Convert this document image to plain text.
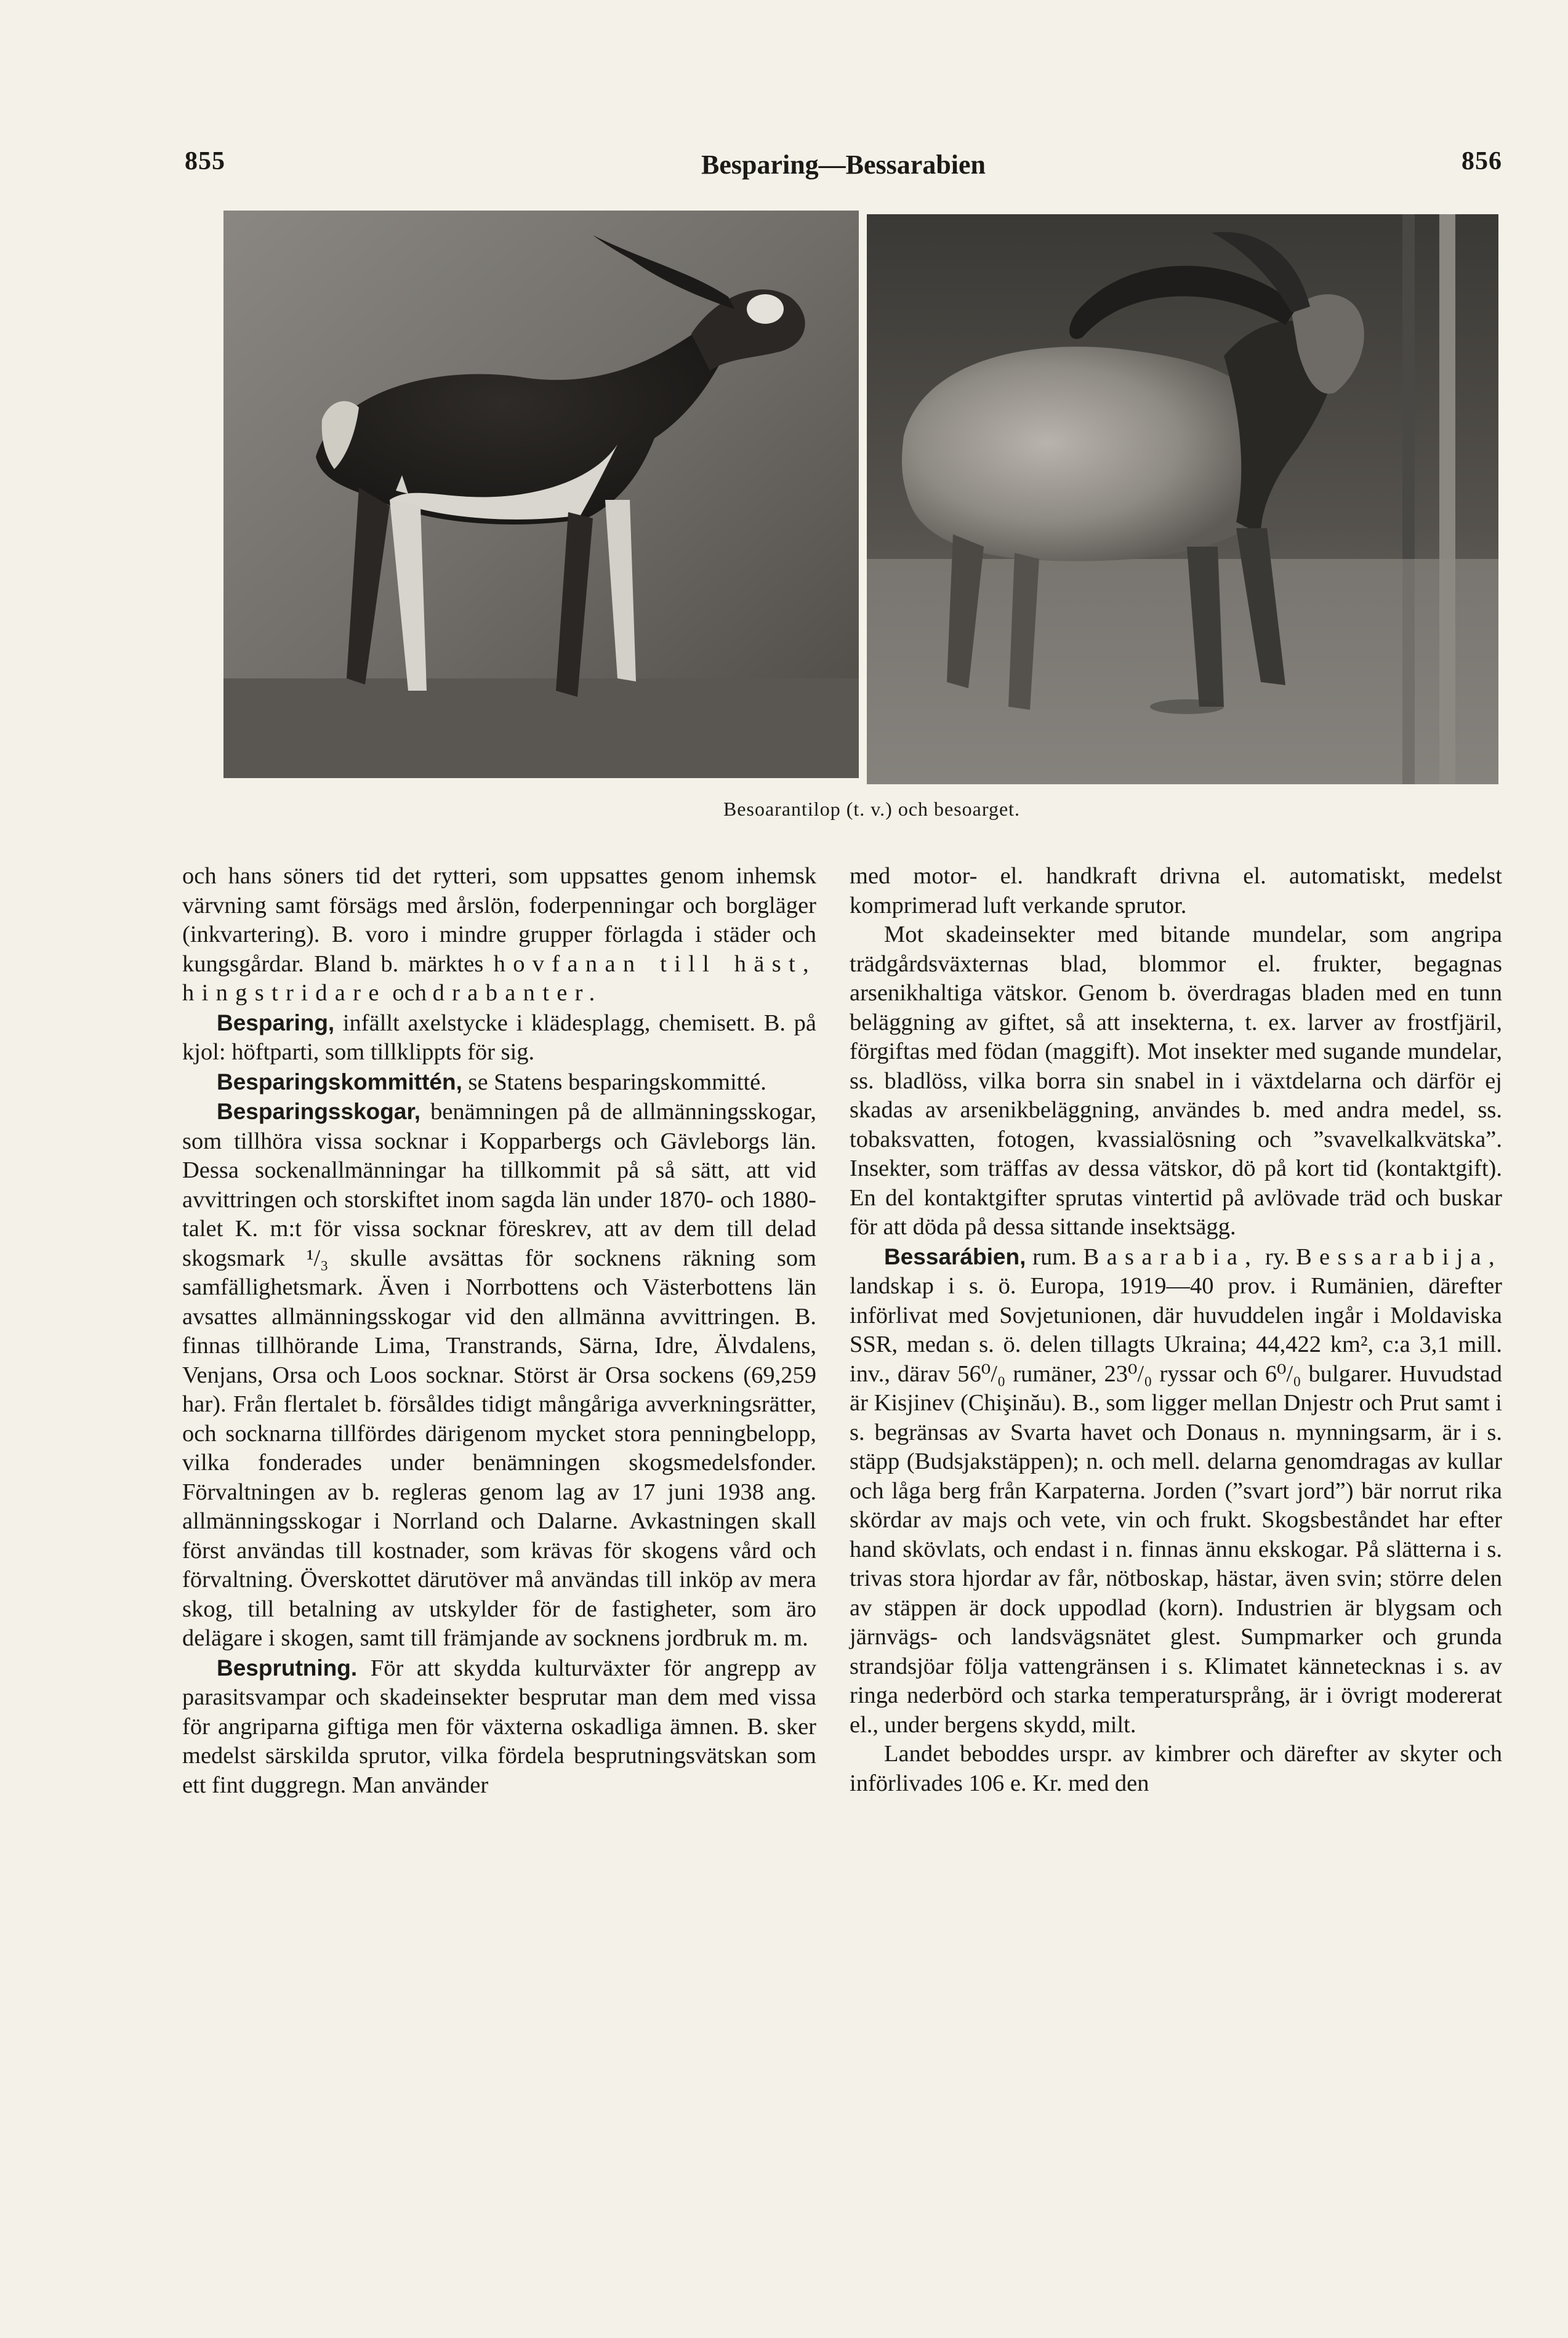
855	Besparing—Bessarabien	856
Besoarantilop (t. v.) och besoarget.

och hans söners tid det rytteri, som uppsattes genom inhemsk värvning samt försägs med årslön, foderpenningar och borgläger (inkvartering). B. voro i mindre grupper förlagda i städer och kungsgårdar. Bland b. märktes hovfanan till häst, hingstridare och drabanter.

Besparing, infällt axelstycke i klädesplagg, chemisett. B. på kjol: höftparti, som tillklippts för sig.

Besparingskommittén, se Statens besparingskommitté.

Besparingsskogar, benämningen på de allmänningsskogar, som tillhöra vissa socknar i Kopparbergs och Gävleborgs län. Dessa sockenallmänningar ha tillkommit på så sätt, att vid avvittringen och storskiftet inom sagda län under 1870- och 1880-talet K. m:t för vissa socknar föreskrev, att av dem till delad skogsmark ¹/₃ skulle avsättas för socknens räkning som samfällighetsmark. Även i Norrbottens och Västerbottens län avsattes allmänningsskogar vid den allmänna avvittringen. B. finnas tillhörande Lima, Transtrands, Särna, Idre, Älvdalens, Venjans, Orsa och Loos socknar. Störst är Orsa sockens (69,259 har). Från flertalet b. försåldes tidigt mångåriga avverkningsrätter, och socknarna tillfördes därigenom mycket stora penningbelopp, vilka fonderades under benämningen skogsmedelsfonder. Förvaltningen av b. regleras genom lag av 17 juni 1938 ang. allmänningsskogar i Norrland och Dalarne. Avkastningen skall först användas till kostnader, som krävas för skogens vård och förvaltning. Överskottet därutöver må användas till inköp av mera skog, till betalning av utskylder för de fastigheter, som äro delägare i skogen, samt till främjande av socknens jordbruk m. m.

Besprutning. För att skydda kulturväxter för angrepp av parasitsvampar och skadeinsekter besprutar man dem med vissa för angriparna giftiga men för växterna oskadliga ämnen. B. sker medelst särskilda sprutor, vilka fördela besprutningsvätskan som ett fint duggregn. Man använder

med motor- el. handkraft drivna el. automatiskt, medelst komprimerad luft verkande sprutor.

Mot skadeinsekter med bitande mundelar, som angripa trädgårdsväxternas blad, blommor el. frukter, begagnas arsenikhaltiga vätskor. Genom b. överdragas bladen med en tunn beläggning av giftet, så att insekterna, t. ex. larver av frostfjäril, förgiftas med födan (maggift). Mot insekter med sugande mundelar, ss. bladlöss, vilka borra sin snabel in i växtdelarna och därför ej skadas av arsenikbeläggning, användes b. med andra medel, ss. tobaksvatten, fotogen, kvassialösning och ”svavelkalkvätska”. Insekter, som träffas av dessa vätskor, dö på kort tid (kontaktgift). En del kontaktgifter sprutas vintertid på avlövade träd och buskar för att döda på dessa sittande insektsägg.

Bessarábien, rum. Basarabia, ry. Bessarabija, landskap i s. ö. Europa, 1919—40 prov. i Rumänien, därefter införlivat med Sovjetunionen, där huvuddelen ingår i Moldaviska SSR, medan s. ö. delen tillagts Ukraina; 44,422 km², c:a 3,1 mill. inv., därav 56⁰/₀ rumäner, 23⁰/₀ ryssar och 6⁰/₀ bulgarer. Huvudstad är Kisjinev (Chişinău). B., som ligger mellan Dnjestr och Prut samt i s. begränsas av Svarta havet och Donaus n. mynningsarm, är i s. stäpp (Budsjakstäppen); n. och mell. delarna genomdragas av kullar och låga berg från Karpaterna. Jorden (”svart jord”) bär norrut rika skördar av majs och vete, vin och frukt. Skogsbeståndet har efter hand skövlats, och endast i n. finnas ännu ekskogar. På slätterna i s. trivas stora hjordar av får, nötboskap, hästar, även svin; större delen av stäppen är dock uppodlad (korn). Industrien är blygsam och järnvägs- och landsvägsnätet glest. Sumpmarker och grunda strandsjöar följa vattengränsen i s. Klimatet kännetecknas i s. av ringa nederbörd och starka temperatursprång, är i övrigt modererat el., under bergens skydd, milt.

Landet beboddes urspr. av kimbrer och därefter av skyter och införlivades 106 e. Kr. med den
